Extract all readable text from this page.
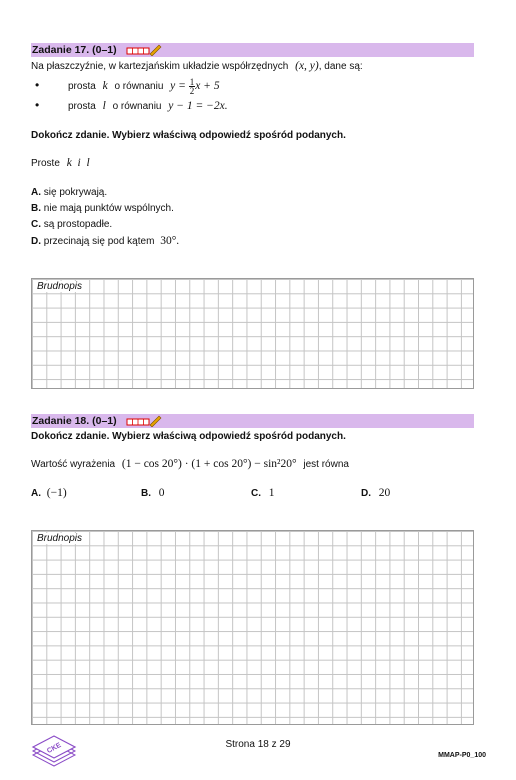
Zadanie 17. (0–1)
Na płaszczyźnie, w kartezjańskim układzie współrzędnych (x, y), dane są:
•	prosta k o równaniu $y = \frac{1}{2}$ x + 5
•	prosta l o równaniu y − 1 = −2x.
Dokończ zdanie. Wybierz właściwą odpowiedź spośród podanych.
Proste k  i  l
A. się pokrywają.
B. nie mają punktów wspólnych.
C. są prostopadłe.
D. przecinają się pod kątem 30°.
Brudnopis
Zadanie 18. (0–1)
Dokończ zdanie. Wybierz właściwą odpowiedź spośród podanych.
Wartość wyrażenia (1 − cos 20°) · (1 + cos 20°) − sin²20° jest równa
A. (−1)	B. 0	C. 1	D. 20
Brudnopis
CKE	Strona 18 z 29
MMAP-P0_100
